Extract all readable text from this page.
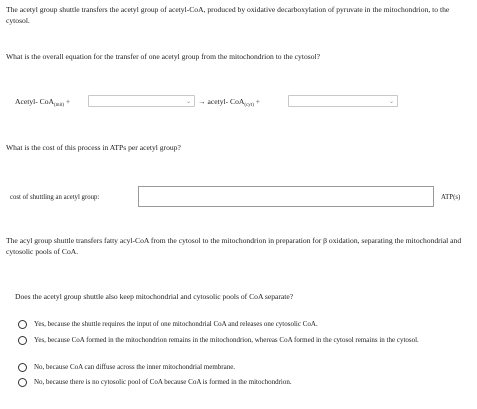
The acetyl group shuttle transfers the acetyl group of acetyl-CoA, produced by oxidative decarboxylation of pyruvate in the mitochondrion, to the cytosol.
What is the overall equation for the transfer of one acetyl group from the mitochondrion to the cytosol?
Acetyl- CoA$_{(mit)}$ +	⌄ → acetyl- CoA$_{(cyt)}$ +	⌄
What is the cost of this process in ATPs per acetyl group?
cost of shuttling an acetyl group:	ATP(s)
The acyl group shuttle transfers fatty acyl-CoA from the cytosol to the mitochondrion in preparation for β oxidation, separating the mitochondrial and cytosolic pools of CoA.
Does the acetyl group shuttle also keep mitochondrial and cytosolic pools of CoA separate?
Yes, because the shuttle requires the input of one mitochondrial CoA and releases one cytosolic CoA.
Yes, because CoA formed in the mitochondrion remains in the mitochondrion, whereas CoA formed in the cytosol remains in the cytosol.
No, because CoA can diffuse across the inner mitochondrial membrane.
No, because there is no cytosolic pool of CoA because CoA is formed in the mitochondrion.
